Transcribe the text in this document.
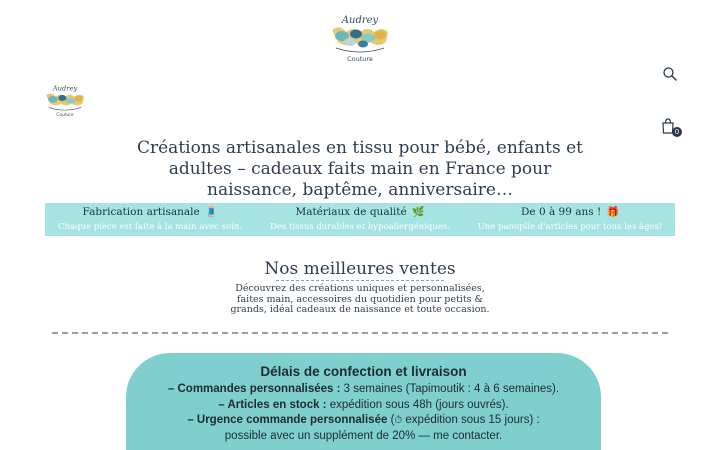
Audrey
Couture
Audrey
Couture
0
Créations artisanales en tissu pour bébé, enfants et
adultes – cadeaux faits main en France pour
naissance, baptême, anniversaire…
Fabrication artisanale 🧵
Chaque pièce est faite à la main avec soin.
Matériaux de qualité 🌿
Des tissus durables et hypoallergéniques.
De 0 à 99 ans ! 🎁
Une panoplie d'articles pour tous les âges!
Nos meilleures ventes
Découvrez des créations uniques et personnalisées,
faites main, accessoires du quotidien pour petits &
grands, idéal cadeaux de naissance et toute occasion.
Délais de confection et livraison
– Commandes personnalisées : 3 semaines (Tapimoutik : 4 à 6 semaines).
– Articles en stock : expédition sous 48h (jours ouvrés).
– Urgence commande personnalisée (⏱ expédition sous 15 jours) :
possible avec un supplément de 20% — me contacter.
